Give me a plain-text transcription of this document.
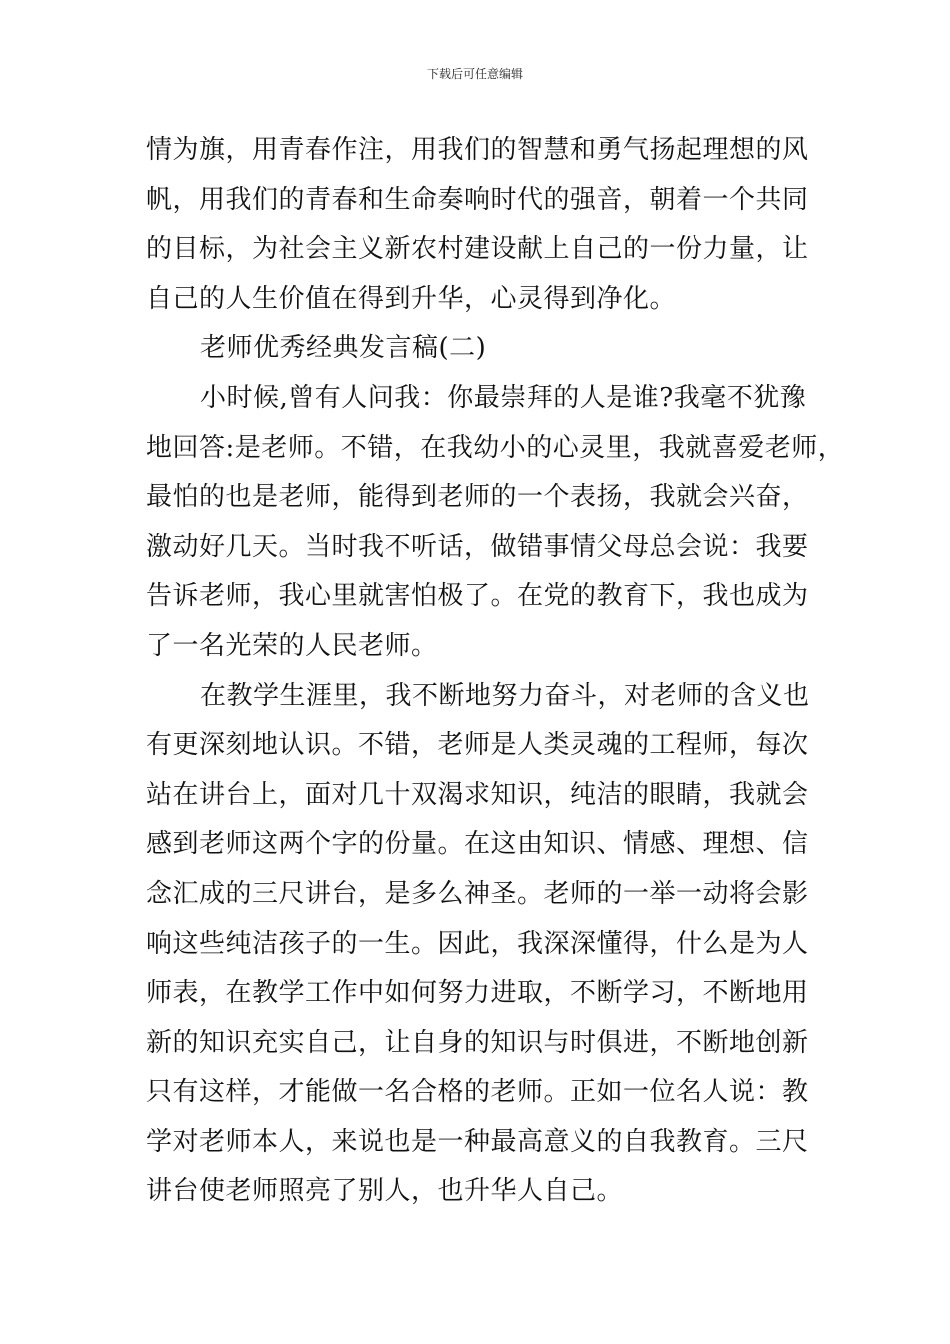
下载后可任意编辑
情为旗，用青春作注，用我们的智慧和勇气扬起理想的风
帆，用我们的青春和生命奏响时代的强音，朝着一个共同
的目标，为社会主义新农村建设献上自己的一份力量，让
自己的人生价值在得到升华，心灵得到净化。
老师优秀经典发言稿(二)
小时候,曾有人问我：你最崇拜的人是谁?我毫不犹豫
地回答:是老师。不错，在我幼小的心灵里，我就喜爱老师，
最怕的也是老师，能得到老师的一个表扬，我就会兴奋，
激动好几天。当时我不听话，做错事情父母总会说：我要
告诉老师，我心里就害怕极了。在党的教育下，我也成为
了一名光荣的人民老师。
在教学生涯里，我不断地努力奋斗，对老师的含义也
有更深刻地认识。不错，老师是人类灵魂的工程师，每次
站在讲台上，面对几十双渴求知识，纯洁的眼睛，我就会
感到老师这两个字的份量。在这由知识、情感、理想、信
念汇成的三尺讲台，是多么神圣。老师的一举一动将会影
响这些纯洁孩子的一生。因此，我深深懂得，什么是为人
师表，在教学工作中如何努力进取，不断学习，不断地用
新的知识充实自己，让自身的知识与时俱进，不断地创新
只有这样，才能做一名合格的老师。正如一位名人说：教
学对老师本人，来说也是一种最高意义的自我教育。三尺
讲台使老师照亮了别人，也升华人自己。
